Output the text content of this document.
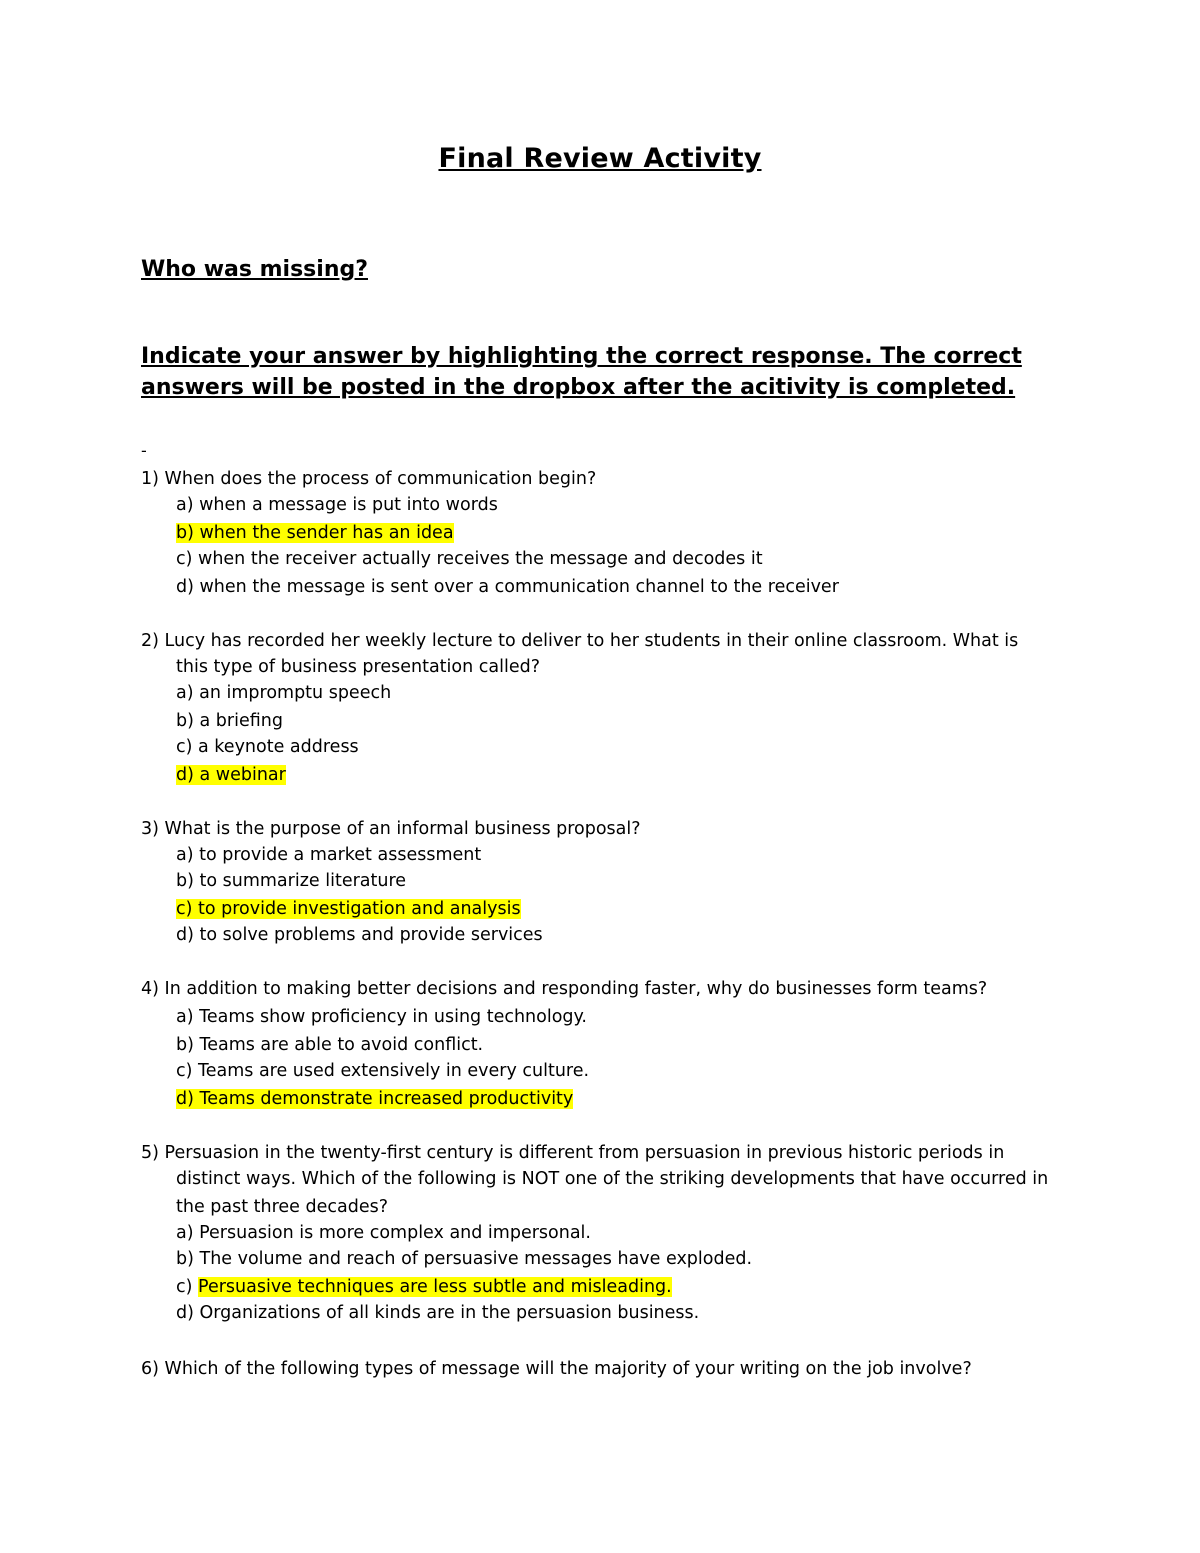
Final Review Activity
Who was missing?
Indicate your answer by highlighting the correct response. The correct
answers will be posted in the dropbox after the acitivity is completed.
-
1) When does the process of communication begin?
a) when a message is put into words
b) when the sender has an idea
c) when the receiver actually receives the message and decodes it
d) when the message is sent over a communication channel to the receiver
2) Lucy has recorded her weekly lecture to deliver to her students in their online classroom. What is
this type of business presentation called?
a) an impromptu speech
b) a briefing
c) a keynote address
d) a webinar
3) What is the purpose of an informal business proposal?
a) to provide a market assessment
b) to summarize literature
c) to provide investigation and analysis
d) to solve problems and provide services
4) In addition to making better decisions and responding faster, why do businesses form teams?
a) Teams show proficiency in using technology.
b) Teams are able to avoid conflict.
c) Teams are used extensively in every culture.
d) Teams demonstrate increased productivity
5) Persuasion in the twenty-first century is different from persuasion in previous historic periods in
distinct ways. Which of the following is NOT one of the striking developments that have occurred in
the past three decades?
a) Persuasion is more complex and impersonal.
b) The volume and reach of persuasive messages have exploded.
c) Persuasive techniques are less subtle and misleading.
d) Organizations of all kinds are in the persuasion business.
6) Which of the following types of message will the majority of your writing on the job involve?
